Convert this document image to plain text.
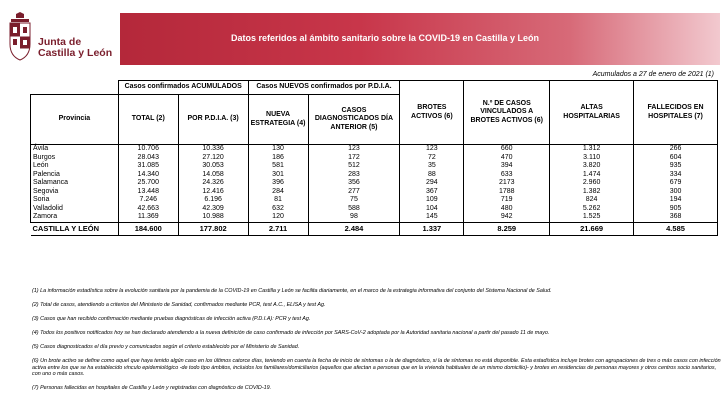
Junta de
Castilla y León
Datos referidos al ámbito sanitario sobre la COVID-19 en Castilla y León
Acumulados a 27 de enero de 2021 (1)
	Casos confirmados ACUMULADOS		Casos NUEVOS confirmados por P.D.I.A.		BROTES ACTIVOS (6)	N.º DE CASOS VINCULADOS A BROTES ACTIVOS (6)	ALTAS HOSPITALARIAS	FALLECIDOS EN HOSPITALES (7)
Provincia	TOTAL (2)	POR P.D.I.A. (3)	NUEVA ESTRATEGIA (4)	CASOS DIAGNOSTICADOS DÍA ANTERIOR (5)				
Ávila	10.706	10.336	130	123	123	660	1.312	266
Burgos	28.043	27.120	186	172	72	470	3.110	604
León	31.085	30.053	581	512	35	394	3.820	935
Palencia	14.340	14.058	301	283	88	633	1.474	334
Salamanca	25.700	24.326	396	356	294	2173	2.960	679
Segovia	13.448	12.416	284	277	367	1788	1.382	300
Soria	7.246	6.196	81	75	109	719	824	194
Valladolid	42.663	42.309	632	588	104	480	5.262	905
Zamora	11.369	10.988	120	98	145	942	1.525	368
CASTILLA Y LEÓN	184.600	177.802	2.711	2.484	1.337	8.259	21.669	4.585

(1) La información estadística sobre la evolución sanitaria por la pandemia de la COVID-19 en Castilla y León se facilita diariamente, en el marco de la estrategia informativa del conjunto del Sistema Nacional de Salud.

(2) Total de casos, atendiendo a criterios del Ministerio de Sanidad, confirmados mediante PCR, test A.C., ELISA y test Ag.

(3) Casos que han recibido confirmación mediante pruebas diagnósticas de infección activa (P.D.I.A): PCR y test Ag.

(4) Todos los positivos notificados hoy se han declarado atendiendo a la nueva definición de caso confirmado de infección por SARS-CoV-2 adoptada por la Autoridad sanitaria nacional a partir del pasado 11 de mayo.

(5) Casos diagnosticados el día previo y comunicados según el criterio establecido por el Ministerio de Sanidad.

(6) Un brote activo se define como aquel que haya tenido algún caso en los últimos catorce días, teniendo en cuenta la fecha de inicio de síntomas o la de diagnóstico, si la de síntomas no está disponible. Esta estadística incluye brotes con agrupaciones de tres o más casos con infección activa entre los que se ha establecido vínculo epidemiológico -de todo tipo ámbitos, incluidos los familiares/domiciliarios (aquellos que afectan a personas que en la vivienda habituales de un mismo domicilio)- y brotes en residencias de personas mayores y otros centros socio sanitarios, con uno o más casos.

(7) Personas fallecidas en hospitales de Castilla y León y registradas con diagnóstico de COVID-19.
